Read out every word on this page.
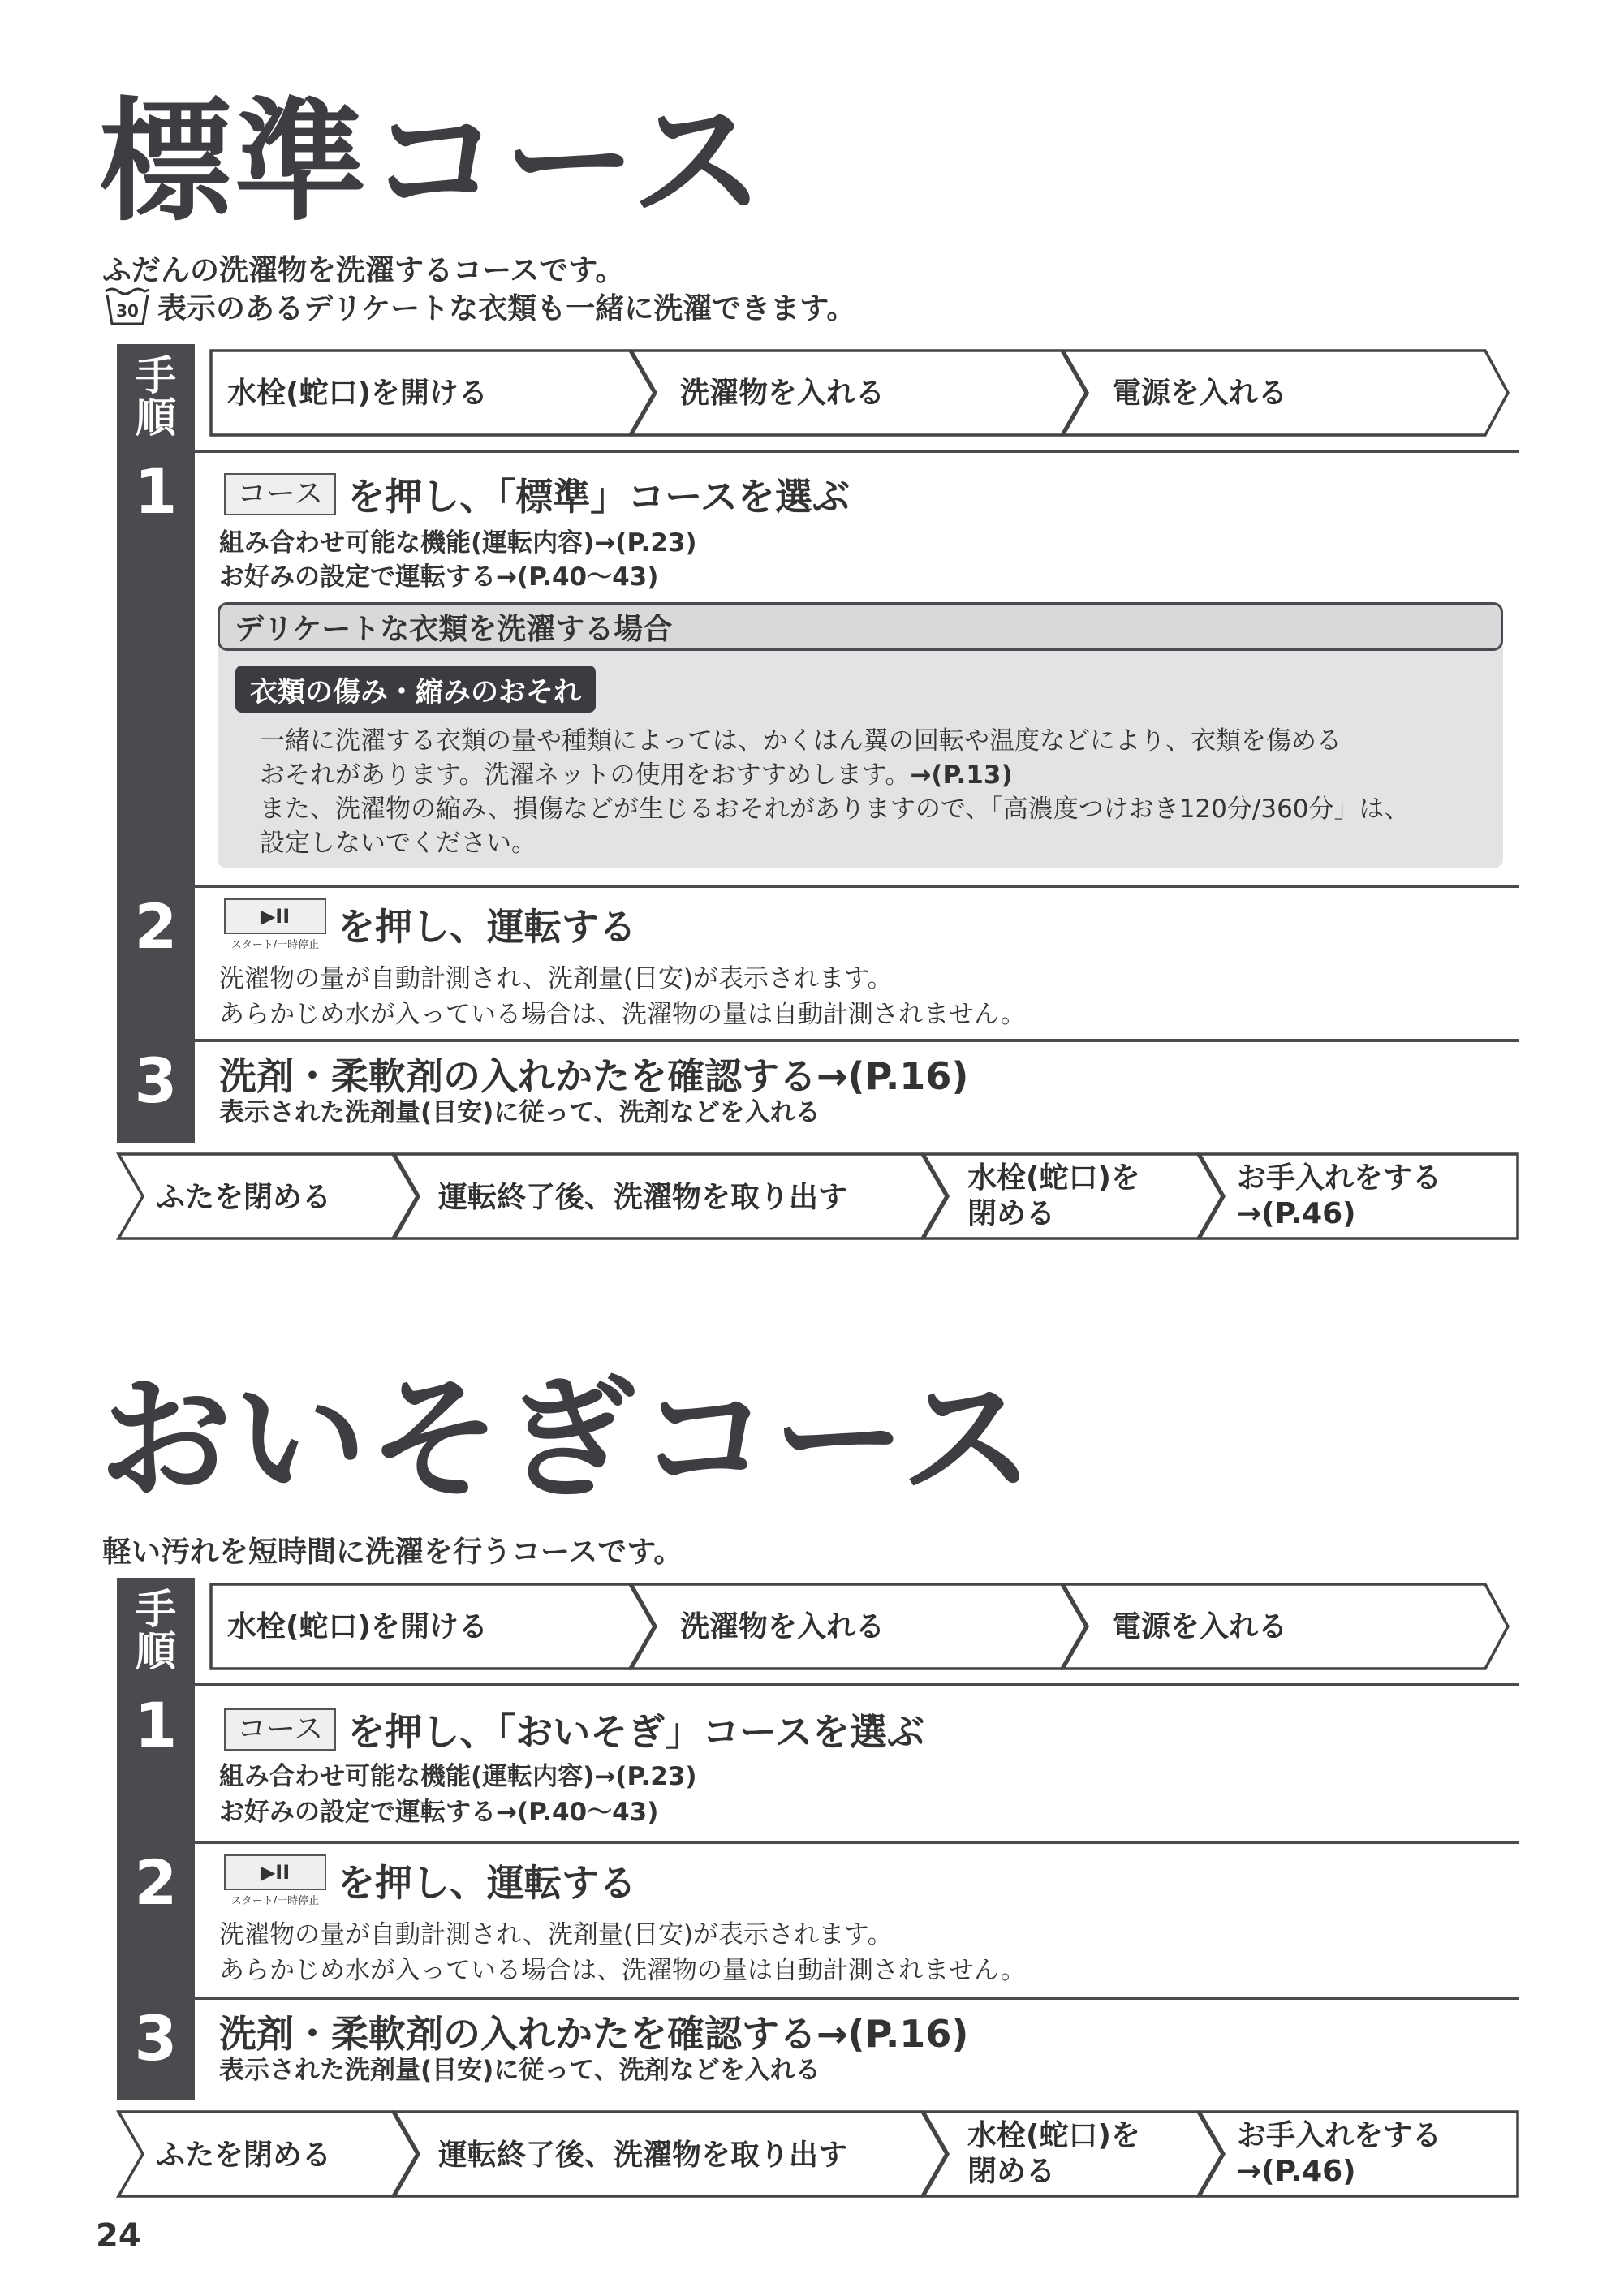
標準コース
ふだんの洗濯物を洗濯するコースです。
30 表示のあるデリケートな衣類も一緒に洗濯できます。
手
順
水栓(蛇口)を開ける	洗濯物を入れる	電源を入れる
1	コース を押し、「標準」コースを選ぶ
組み合わせ可能な機能(運転内容)→(P.23)
お好みの設定で運転する→(P.40～43)
デリケートな衣類を洗濯する場合
衣類の傷み・縮みのおそれ
一緒に洗濯する衣類の量や種類によっては、かくはん翼の回転や温度などにより、衣類を傷める
おそれがあります。洗濯ネットの使用をおすすめします。→(P.13)
また、洗濯物の縮み、損傷などが生じるおそれがありますので、「高濃度つけおき120分/360分」は、
設定しないでください。
2	▶II
スタート/一時停止 を押し、運転する
洗濯物の量が自動計測され、洗剤量(目安)が表示されます。
あらかじめ水が入っている場合は、洗濯物の量は自動計測されません。
3	洗剤・柔軟剤の入れかたを確認する→(P.16)
表示された洗剤量(目安)に従って、洗剤などを入れる
ふたを閉める	運転終了後、洗濯物を取り出す
水栓(蛇口)を
閉める
お手入れをする
→(P.46)
おいそぎコース
軽い汚れを短時間に洗濯を行うコースです。
手
順
水栓(蛇口)を開ける	洗濯物を入れる	電源を入れる
1	コース を押し、「おいそぎ」コースを選ぶ
組み合わせ可能な機能(運転内容)→(P.23)
お好みの設定で運転する→(P.40～43)
2	▶II
スタート/一時停止 を押し、運転する
洗濯物の量が自動計測され、洗剤量(目安)が表示されます。
あらかじめ水が入っている場合は、洗濯物の量は自動計測されません。
3	洗剤・柔軟剤の入れかたを確認する→(P.16)
表示された洗剤量(目安)に従って、洗剤などを入れる
ふたを閉める	運転終了後、洗濯物を取り出す
水栓(蛇口)を
閉める
お手入れをする
→(P.46)
24
